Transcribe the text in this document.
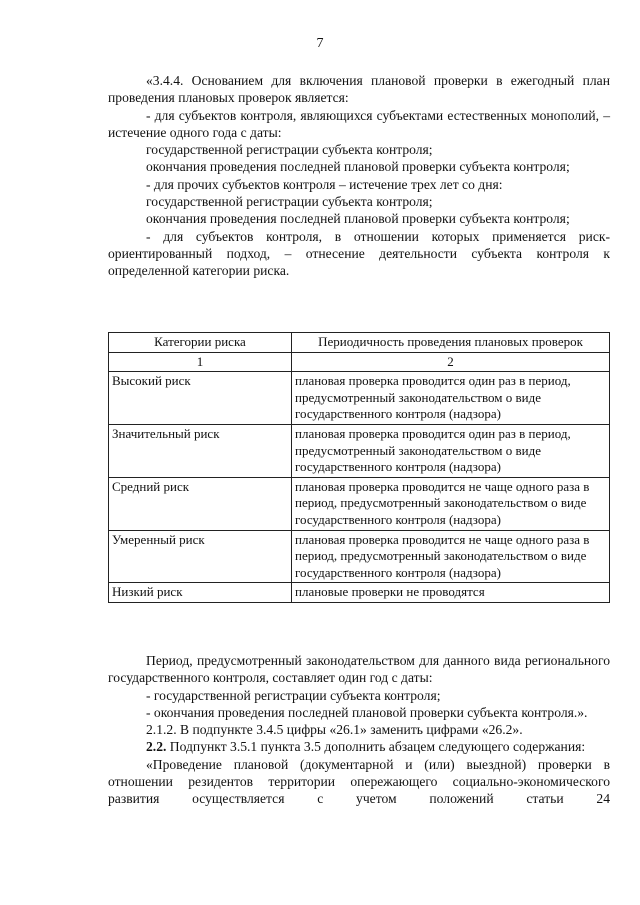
7

«3.4.4. Основанием для включения плановой проверки в ежегодный план проведения плановых проверок является:

- для субъектов контроля, являющихся субъектами естественных монополий, – истечение одного года с даты:

государственной регистрации субъекта контроля;

окончания проведения последней плановой проверки субъекта контроля;

- для прочих субъектов контроля – истечение трех лет со дня:

государственной регистрации субъекта контроля;

окончания проведения последней плановой проверки субъекта контроля;

- для субъектов контроля, в отношении которых применяется риск-ориентированный подход, – отнесение деятельности субъекта контроля к определенной категории риска.

Категории риска	Периодичность проведения плановых проверок
1	2
Высокий риск	плановая проверка проводится один раз в период, предусмотренный законодательством о виде государственного контроля (надзора)
Значительный риск	плановая проверка проводится один раз в период, предусмотренный законодательством о виде государственного контроля (надзора)
Средний риск	плановая проверка проводится не чаще одного раза в период, предусмотренный законодательством о виде государственного контроля (надзора)
Умеренный риск	плановая проверка проводится не чаще одного раза в период, предусмотренный законодательством о виде государственного контроля (надзора)
Низкий риск	плановые проверки не проводятся

Период, предусмотренный законодательством для данного вида регионального государственного контроля, составляет один год с даты:

- государственной регистрации субъекта контроля;

- окончания проведения последней плановой проверки субъекта контроля.».

2.1.2. В подпункте 3.4.5 цифры «26.1» заменить цифрами «26.2».

2.2. Подпункт 3.5.1 пункта 3.5 дополнить абзацем следующего содержания:

«Проведение плановой (документарной и (или) выездной) проверки в отношении резидентов территории опережающего социально-экономического развития осуществляется с учетом положений статьи 24
